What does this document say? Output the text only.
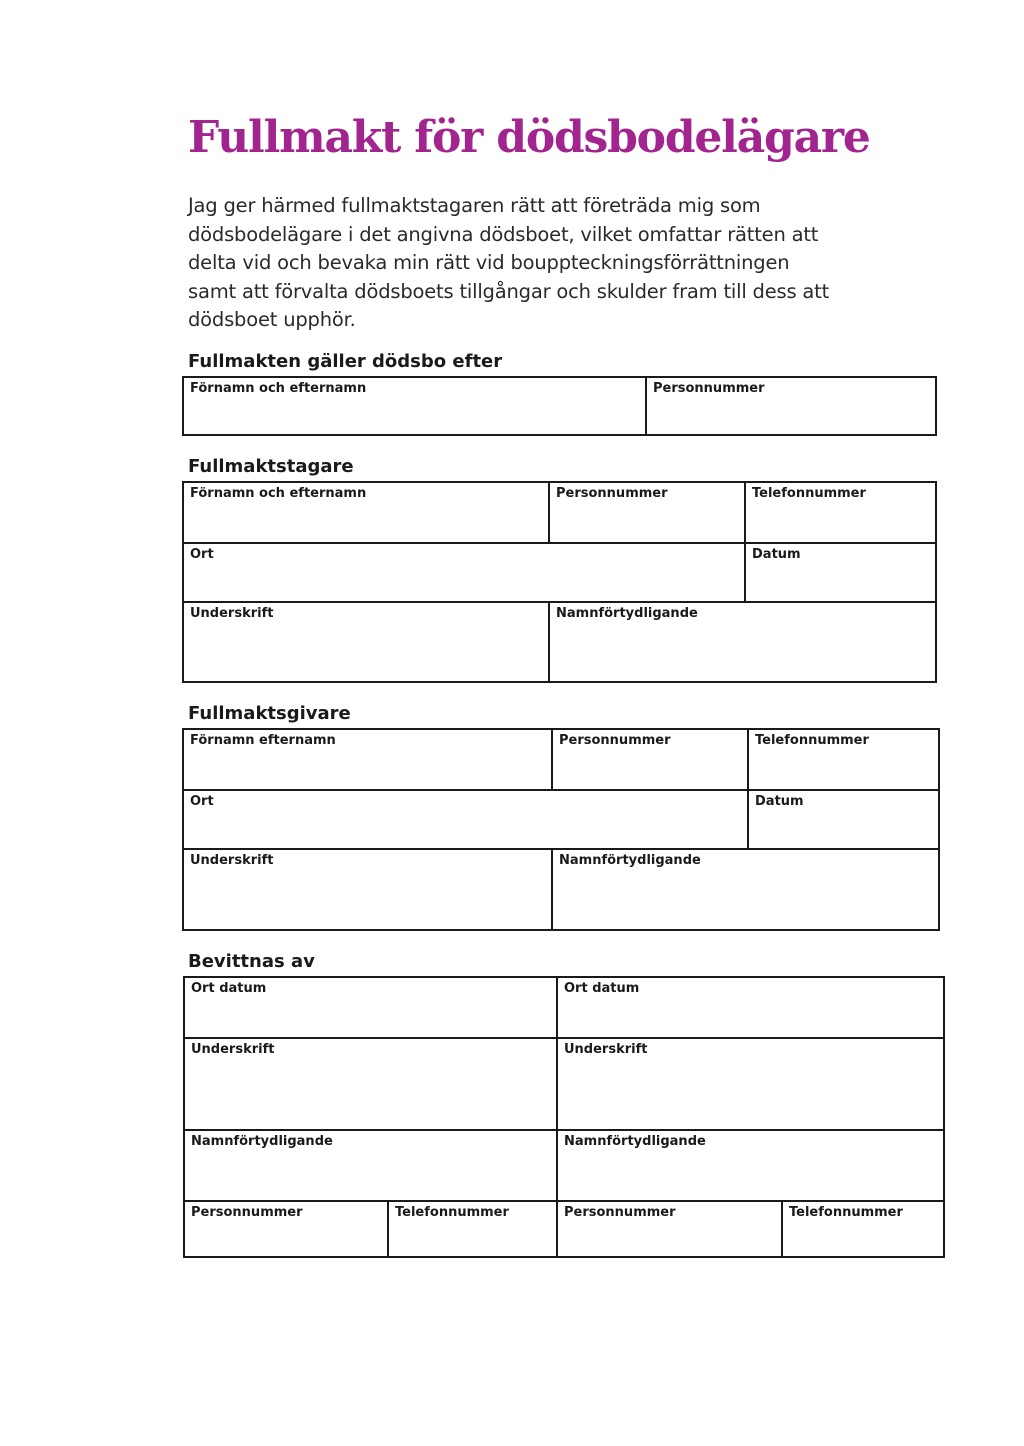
Fullmakt för dödsbodelägare

Jag ger härmed fullmaktstagaren rätt att företräda mig som
dödsbodelägare i det angivna dödsboet, vilket omfattar rätten att
delta vid och bevaka min rätt vid bouppteckningsförrättningen
samt att förvalta dödsboets tillgångar och skulder fram till dess att
dödsboet upphör.

Fullmakten gäller dödsbo efter
Förnamn och efternamn	Personnummer
Fullmaktstagare
Förnamn och efternamn	Personnummer	Telefonnummer
Ort	Datum
Underskrift	Namnförtydligande
Fullmaktsgivare
Förnamn efternamn	Personnummer	Telefonnummer
Ort	Datum
Underskrift	Namnförtydligande
Bevittnas av
Ort datum	Ort datum
Underskrift	Underskrift
Namnförtydligande	Namnförtydligande
Personnummer	Telefonnummer	Personnummer	Telefonnummer
